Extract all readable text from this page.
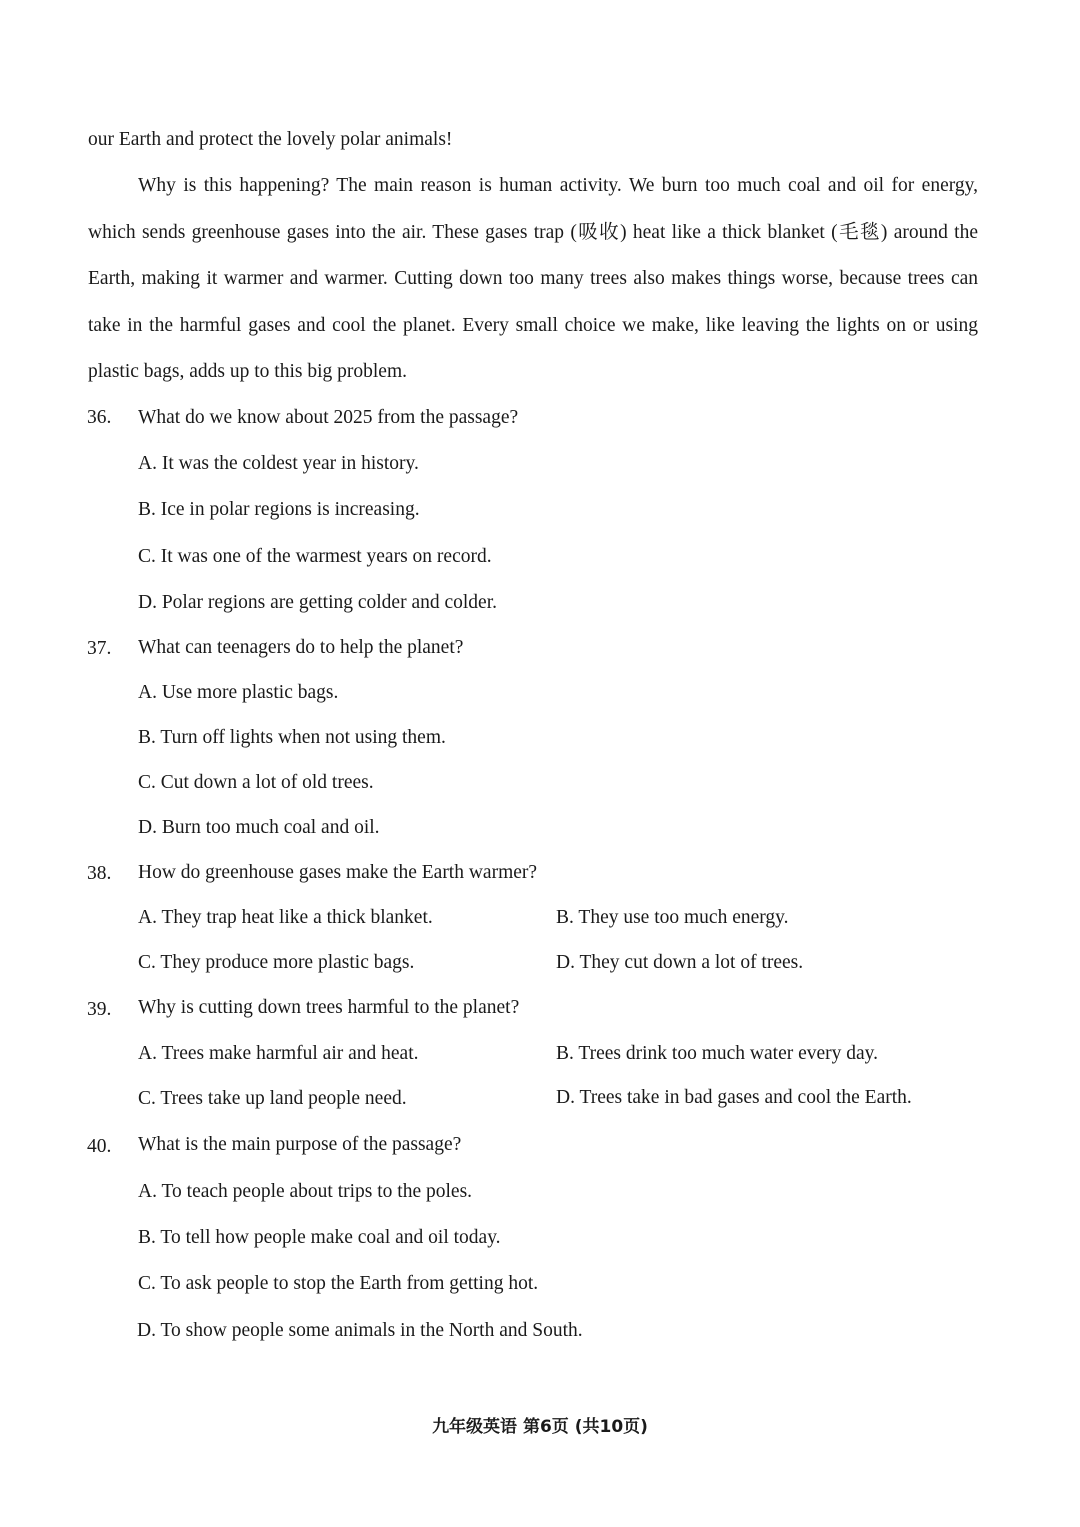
our Earth and protect the lovely polar animals!
Why is this happening? The main reason is human activity. We burn too much coal and oil for energy, which sends greenhouse gases into the air. These gases trap (吸收) heat like a thick blanket (毛毯) around the Earth, making it warmer and warmer. Cutting down too many trees also makes things worse, because trees can take in the harmful gases and cool the planet. Every small choice we make, like leaving the lights on or using plastic bags, adds up to this big problem.
36. What do we know about 2025 from the passage?
A. It was the coldest year in history.
B. Ice in polar regions is increasing.
C. It was one of the warmest years on record.
D. Polar regions are getting colder and colder.
37. What can teenagers do to help the planet?
A. Use more plastic bags.
B. Turn off lights when not using them.
C. Cut down a lot of old trees.
D. Burn too much coal and oil.
38. How do greenhouse gases make the Earth warmer?
A. They trap heat like a thick blanket.	B. They use too much energy.
C. They produce more plastic bags.	D. They cut down a lot of trees.
39. Why is cutting down trees harmful to the planet?
A. Trees make harmful air and heat.	B. Trees drink too much water every day.
C. Trees take up land people need.	D. Trees take in bad gases and cool the Earth.
40. What is the main purpose of the passage?
A. To teach people about trips to the poles.
B. To tell how people make coal and oil today.
C. To ask people to stop the Earth from getting hot.
D. To show people some animals in the North and South.
九年级英语 第6页 (共10页)
